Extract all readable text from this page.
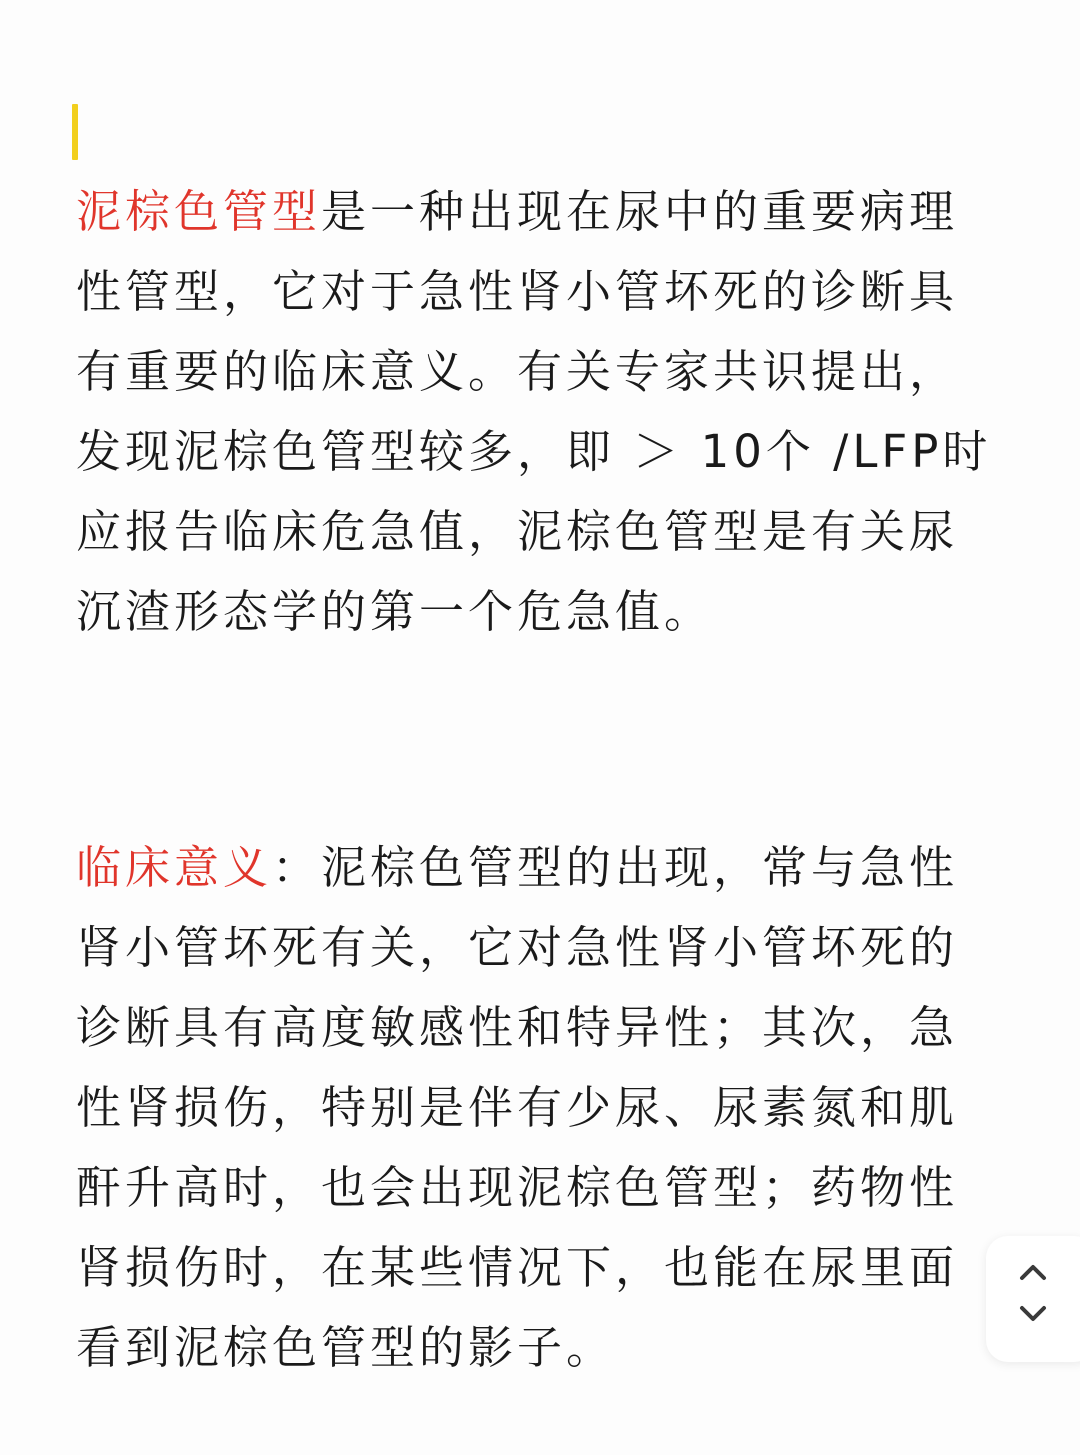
泥棕色管型是一种出现在尿中的重要病理
性管型，它对于急性肾小管坏死的诊断具
有重要的临床意义。有关专家共识提出，
发现泥棕色管型较多，即 ＞ 10个 /LFP时
应报告临床危急值，泥棕色管型是有关尿
沉渣形态学的第一个危急值。

临床意义：泥棕色管型的出现，常与急性
肾小管坏死有关，它对急性肾小管坏死的
诊断具有高度敏感性和特异性；其次，急
性肾损伤，特别是伴有少尿、尿素氮和肌
酐升高时，也会出现泥棕色管型；药物性
肾损伤时，在某些情况下，也能在尿里面
看到泥棕色管型的影子。
